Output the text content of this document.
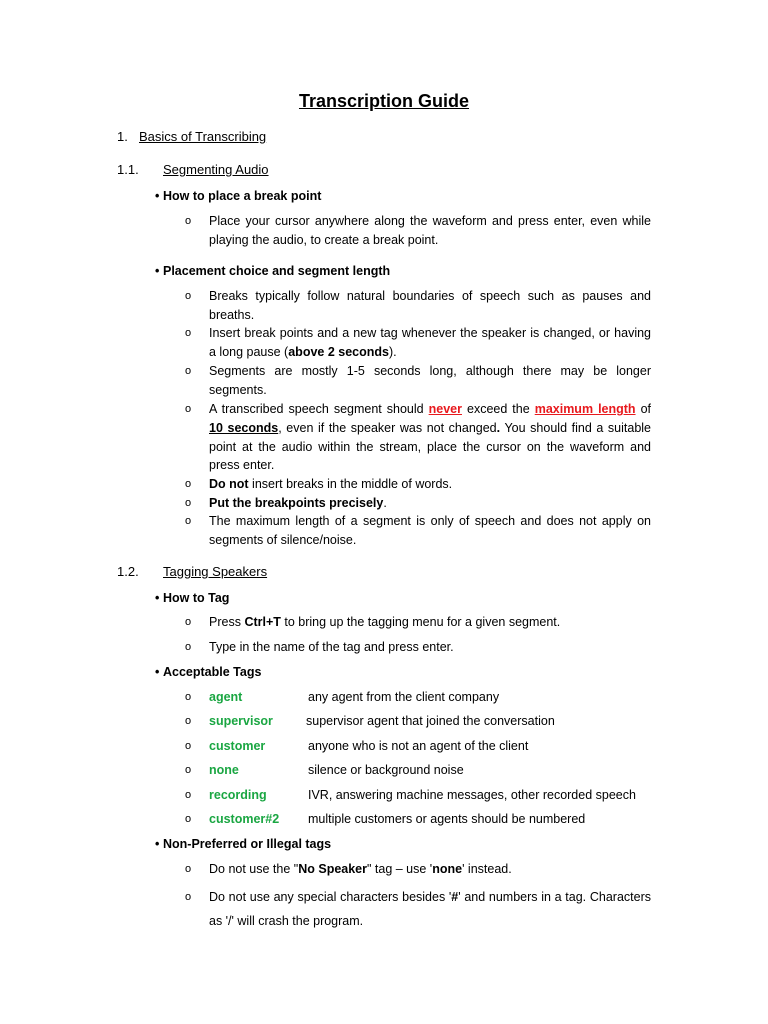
Transcription Guide
1. Basics of Transcribing
1.1. Segmenting Audio
• How to place a break point
o Place your cursor anywhere along the waveform and press enter, even while playing the audio, to create a break point.
• Placement choice and segment length
o Breaks typically follow natural boundaries of speech such as pauses and breaths.
o Insert break points and a new tag whenever the speaker is changed, or having a long pause (above 2 seconds).
o Segments are mostly 1-5 seconds long, although there may be longer segments.
o A transcribed speech segment should never exceed the maximum length of 10 seconds, even if the speaker was not changed. You should find a suitable point at the audio within the stream, place the cursor on the waveform and press enter.
o Do not insert breaks in the middle of words.
o Put the breakpoints precisely.
o The maximum length of a segment is only of speech and does not apply on segments of silence/noise.
1.2. Tagging Speakers
• How to Tag
o Press Ctrl+T to bring up the tagging menu for a given segment.
o Type in the name of the tag and press enter.
• Acceptable Tags
o agent	any agent from the client company
o supervisor	supervisor agent that joined the conversation
o customer	anyone who is not an agent of the client
o none	silence or background noise
o recording	IVR, answering machine messages, other recorded speech
o customer#2 multiple customers or agents should be numbered
• Non-Preferred or Illegal tags
o Do not use the "No Speaker" tag – use 'none' instead.
o Do not use any special characters besides '#' and numbers in a tag. Characters as '/' will crash the program.
